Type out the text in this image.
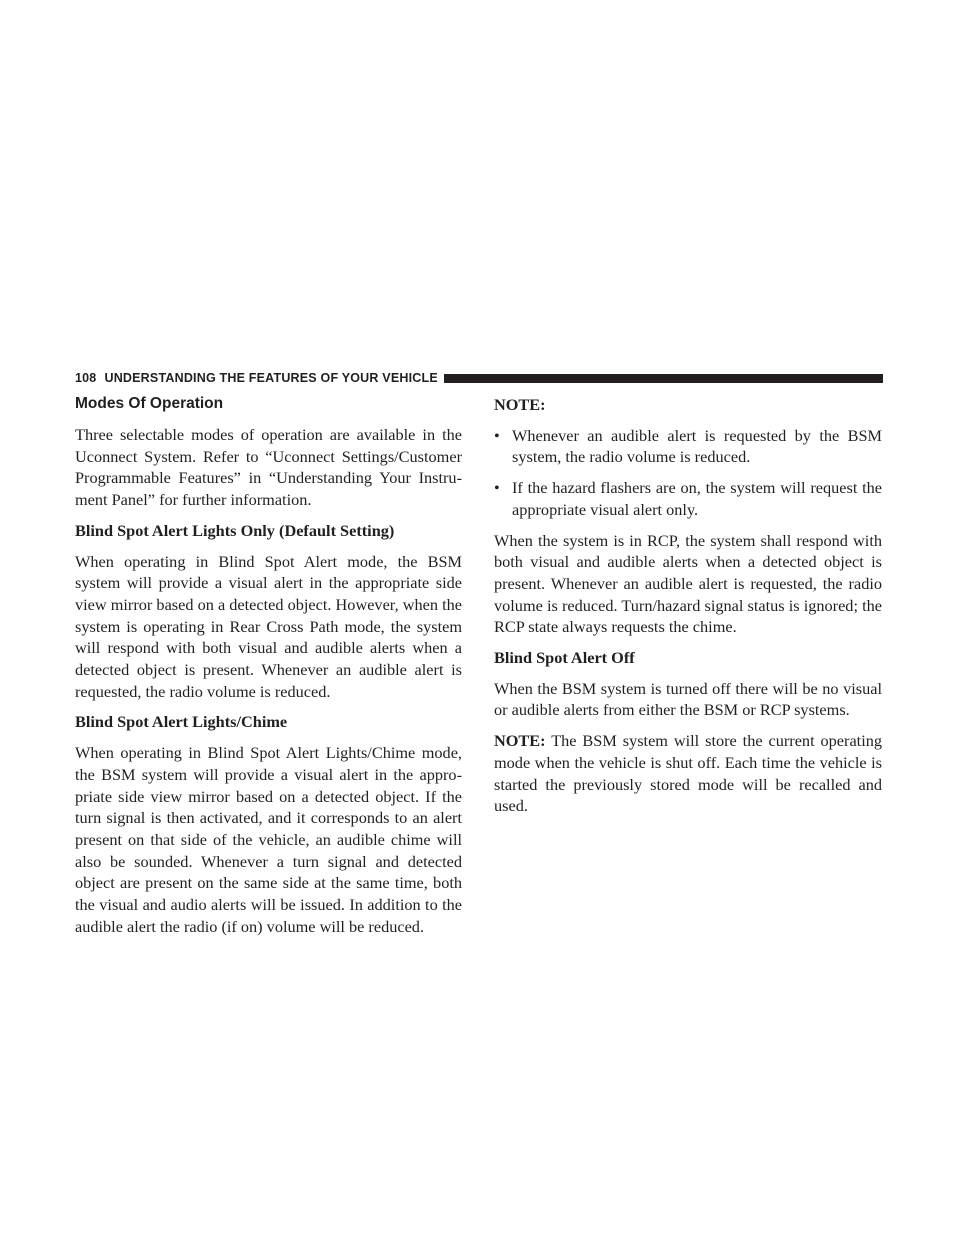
108 UNDERSTANDING THE FEATURES OF YOUR VEHICLE
Modes Of Operation

Three selectable modes of operation are available in the Uconnect System. Refer to “Uconnect Settings/Customer Programmable Features” in “Understanding Your Instru- ment Panel” for further information.

Blind Spot Alert Lights Only (Default Setting)

When operating in Blind Spot Alert mode, the BSM system will provide a visual alert in the appropriate side view mirror based on a detected object. However, when the system is operating in Rear Cross Path mode, the system will respond with both visual and audible alerts when a detected object is present. Whenever an audible alert is requested, the radio volume is reduced.

Blind Spot Alert Lights/Chime

When operating in Blind Spot Alert Lights/Chime mode, the BSM system will provide a visual alert in the appro- priate side view mirror based on a detected object. If the turn signal is then activated, and it corresponds to an alert present on that side of the vehicle, an audible chime will also be sounded. Whenever a turn signal and detected object are present on the same side at the same time, both the visual and audio alerts will be issued. In addition to the audible alert the radio (if on) volume will be reduced.

NOTE:

• Whenever an audible alert is requested by the BSM system, the radio volume is reduced.
• If the hazard flashers are on, the system will request the appropriate visual alert only.

When the system is in RCP, the system shall respond with both visual and audible alerts when a detected object is present. Whenever an audible alert is requested, the radio volume is reduced. Turn/hazard signal status is ignored; the RCP state always requests the chime.

Blind Spot Alert Off

When the BSM system is turned off there will be no visual or audible alerts from either the BSM or RCP systems.

NOTE: The BSM system will store the current operating mode when the vehicle is shut off. Each time the vehicle is started the previously stored mode will be recalled and used.
